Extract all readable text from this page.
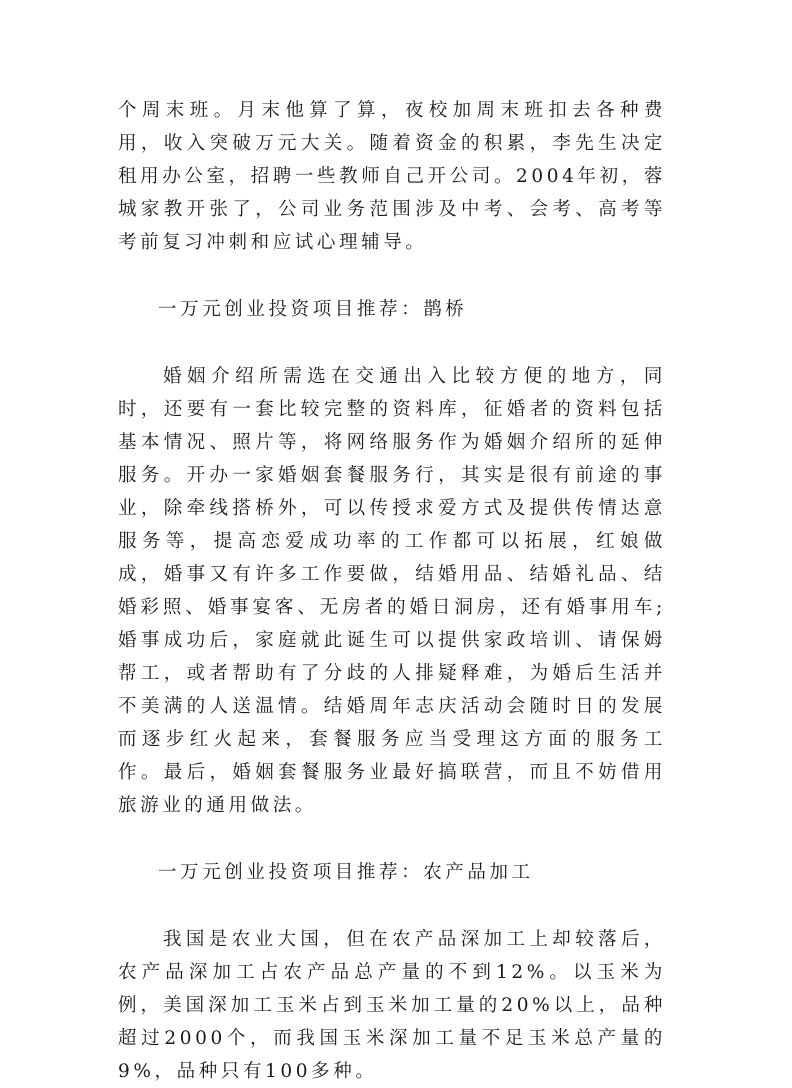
个周末班。月末他算了算，夜校加周末班扣去各种费用，收入突破万元大关。随着资金的积累，李先生决定租用办公室，招聘一些教师自己开公司。2004年初，蓉城家教开张了，公司业务范围涉及中考、会考、高考等考前复习冲刺和应试心理辅导。

一万元创业投资项目推荐：鹊桥

婚姻介绍所需选在交通出入比较方便的地方，同时，还要有一套比较完整的资料库，征婚者的资料包括基本情况、照片等，将网络服务作为婚姻介绍所的延伸服务。开办一家婚姻套餐服务行，其实是很有前途的事业，除牵线搭桥外，可以传授求爱方式及提供传情达意服务等，提高恋爱成功率的工作都可以拓展，红娘做成，婚事又有许多工作要做，结婚用品、结婚礼品、结婚彩照、婚事宴客、无房者的婚日洞房，还有婚事用车;婚事成功后，家庭就此诞生可以提供家政培训、请保姆帮工，或者帮助有了分歧的人排疑释难，为婚后生活并不美满的人送温情。结婚周年志庆活动会随时日的发展而逐步红火起来，套餐服务应当受理这方面的服务工作。最后，婚姻套餐服务业最好搞联营，而且不妨借用旅游业的通用做法。

一万元创业投资项目推荐：农产品加工

我国是农业大国，但在农产品深加工上却较落后，农产品深加工占农产品总产量的不到12%。以玉米为例，美国深加工玉米占到玉米加工量的20%以上，品种超过2000个，而我国玉米深加工量不足玉米总产量的9%，品种只有100多种。
